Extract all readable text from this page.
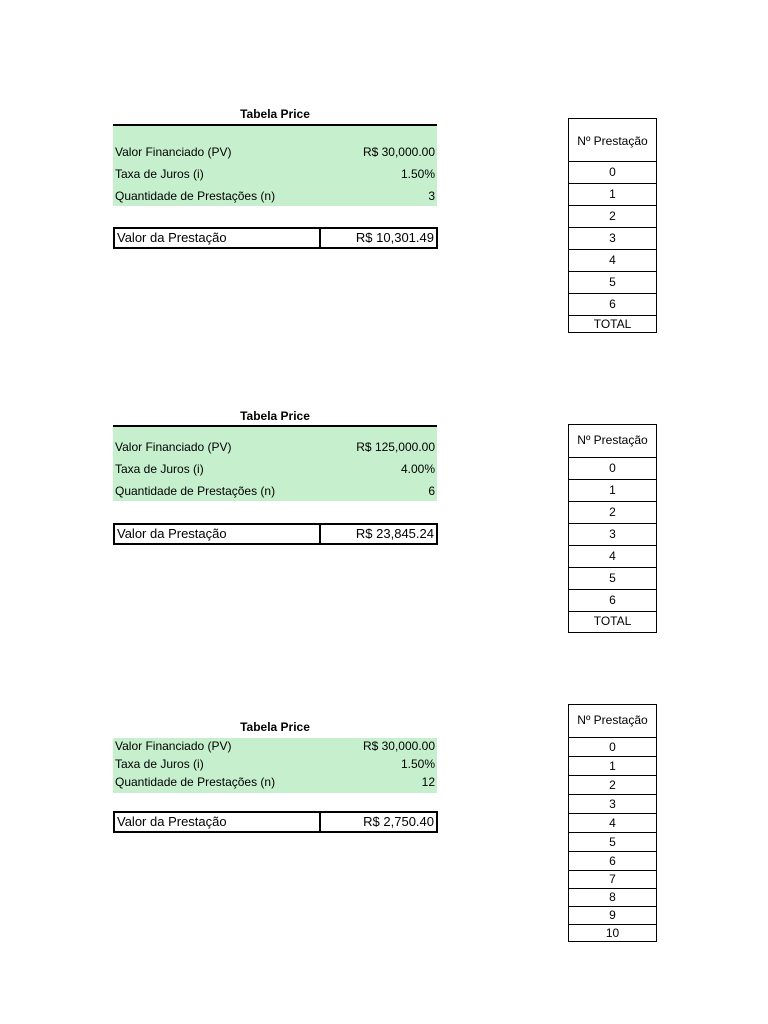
Tabela Price
Valor Financiado (PV)	R$ 30,000.00
Taxa de Juros (i)	1.50%
Quantidade de Prestações (n)	3
Valor da Prestação	R$ 10,301.49
Nº Prestação
0
1
2
3
4
5
6
TOTAL
Tabela Price
Valor Financiado (PV)	R$ 125,000.00
Taxa de Juros (i)	4.00%
Quantidade de Prestações (n)	6
Valor da Prestação	R$ 23,845.24
Nº Prestação
0
1
2
3
4
5
6
TOTAL
Tabela Price
Valor Financiado (PV)	R$ 30,000.00
Taxa de Juros (i)	1.50%
Quantidade de Prestações (n)	12
Valor da Prestação	R$ 2,750.40
Nº Prestação
0
1
2
3
4
5
6
7
8
9
10
